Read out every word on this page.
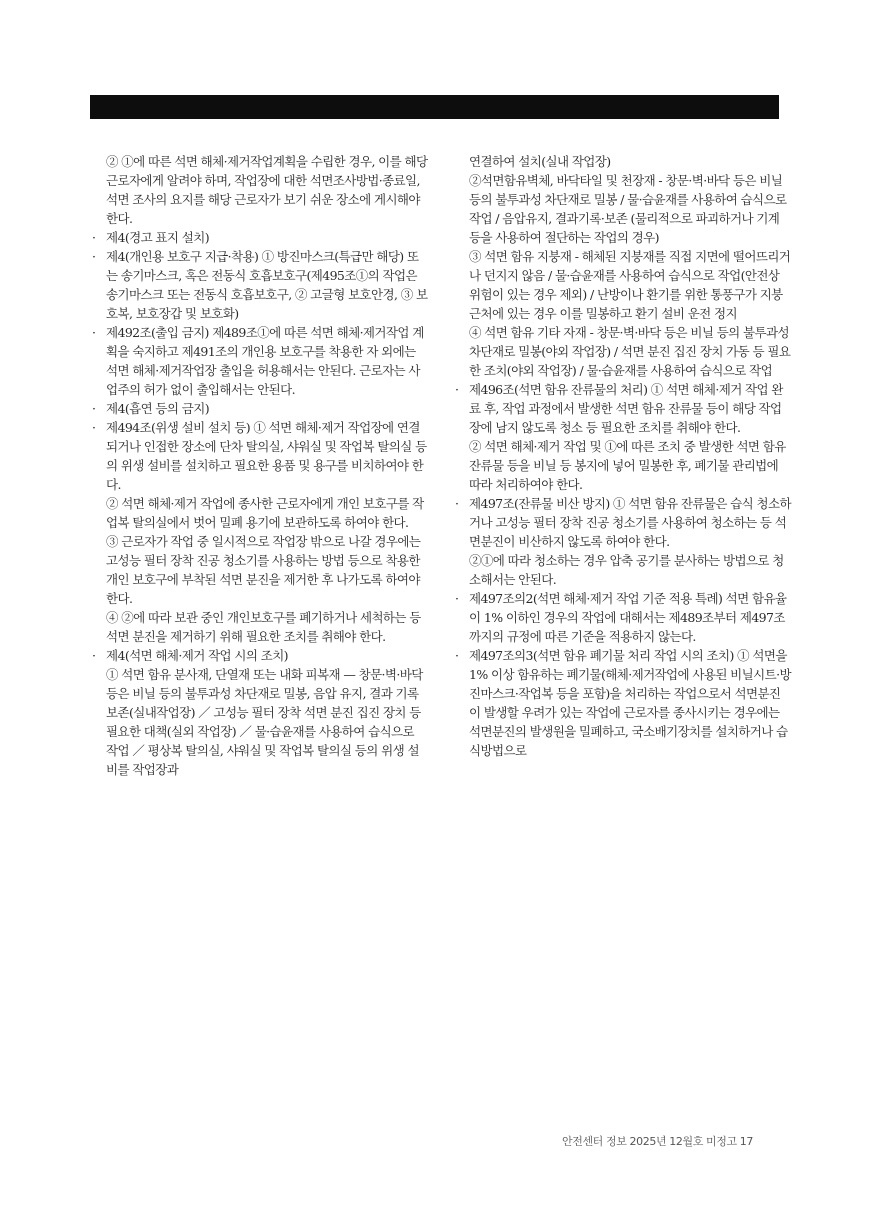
② ①에 따른 석면 해체·제거작업계획을 수립한 경우, 이를 해당근로자에게 알려야 하며, 작업장에 대한 석면조사방법·종료일, 석면 조사의 요지를 해당 근로자가 보기 쉬운 장소에 게시해야 한다.

· 제4(경고 표지 설치)

· 제4(개인용 보호구 지급·착용) ① 방진마스크(특급만 해당) 또는 송기마스크, 혹은 전동식 호흡보호구(제495조①의 작업은 송기마스크 또는 전동식 호흡보호구, ② 고글형 보호안경, ③ 보호복, 보호장갑 및 보호화)

· 제492조(출입 금지) 제489조①에 따른 석면 해체·제거작업 계획을 숙지하고 제491조의 개인용 보호구를 착용한 자 외에는 석면 해체·제거작업장 출입을 허용해서는 안된다. 근로자는 사업주의 허가 없이 출입해서는 안된다.

· 제4(흡연 등의 금지)

· 제494조(위생 설비 설치 등) ① 석면 해체·제거 작업장에 연결되거나 인접한 장소에 단차 탈의실, 샤워실 및 작업복 탈의실 등의 위생 설비를 설치하고 필요한 용품 및 용구를 비치하여야 한다.

② 석면 해체·제거 작업에 종사한 근로자에게 개인 보호구를 작업복 탈의실에서 벗어 밀폐 용기에 보관하도록 하여야 한다.

③ 근로자가 작업 중 일시적으로 작업장 밖으로 나갈 경우에는 고성능 필터 장착 진공 청소기를 사용하는 방법 등으로 착용한 개인 보호구에 부착된 석면 분진을 제거한 후 나가도록 하여야 한다.

④ ②에 따라 보관 중인 개인보호구를 폐기하거나 세척하는 등 석면 분진을 제거하기 위해 필요한 조치를 취해야 한다.

· 제4(석면 해체·제거 작업 시의 조치)

① 석면 함유 분사재, 단열재 또는 내화 피복재 — 창문·벽·바닥 등은 비닐 등의 불투과성 차단재로 밀봉, 음압 유지, 결과 기록보존(실내작업장) ／ 고성능 필터 장착 석면 분진 집진 장치 등 필요한 대책(실외 작업장) ／ 물·습윤재를 사용하여 습식으로 작업 ／ 평상복 탈의실, 샤워실 및 작업복 탈의실 등의 위생 설비를 작업장과

연결하여 설치(실내 작업장)

②석면함유벽체, 바닥타일 및 천장재 - 창문·벽·바닥 등은 비닐 등의 불투과성 차단재로 밀봉 / 물·습윤재를 사용하여 습식으로 작업 / 음압유지, 결과기록·보존 (물리적으로 파괴하거나 기계 등을 사용하여 절단하는 작업의 경우)

③ 석면 함유 지붕재 - 해체된 지붕재를 직접 지면에 떨어뜨리거나 던지지 않음 / 물·습윤재를 사용하여 습식으로 작업(안전상 위험이 있는 경우 제외) / 난방이나 환기를 위한 통풍구가 지붕 근처에 있는 경우 이를 밀봉하고 환기 설비 운전 정지

④ 석면 함유 기타 자재 - 창문·벽·바닥 등은 비닐 등의 불투과성 차단재로 밀봉(야외 작업장) / 석면 분진 집진 장치 가동 등 필요한 조치(야외 작업장) / 물·습윤재를 사용하여 습식으로 작업

· 제496조(석면 함유 잔류물의 처리) ① 석면 해체·제거 작업 완료 후, 작업 과정에서 발생한 석면 함유 잔류물 등이 해당 작업장에 남지 않도록 청소 등 필요한 조치를 취해야 한다.

② 석면 해체·제거 작업 및 ①에 따른 조치 중 발생한 석면 함유 잔류물 등을 비닐 등 봉지에 넣어 밀봉한 후, 폐기물 관리법에 따라 처리하여야 한다.

· 제497조(잔류물 비산 방지) ① 석면 함유 잔류물은 습식 청소하거나 고성능 필터 장착 진공 청소기를 사용하여 청소하는 등 석면분진이 비산하지 않도록 하여야 한다.

②①에 따라 청소하는 경우 압축 공기를 분사하는 방법으로 청소해서는 안된다.

· 제497조의2(석면 해체·제거 작업 기준 적용 특례) 석면 함유율이 1% 이하인 경우의 작업에 대해서는 제489조부터 제497조까지의 규정에 따른 기준을 적용하지 않는다.

· 제497조의3(석면 함유 폐기물 처리 작업 시의 조치) ① 석면을 1% 이상 함유하는 폐기물(해체·제거작업에 사용된 비닐시트·방진마스크·작업복 등을 포함)을 처리하는 작업으로서 석면분진이 발생할 우려가 있는 작업에 근로자를 종사시키는 경우에는 석면분진의 발생원을 밀폐하고, 국소배기장치를 설치하거나 습식방법으로

안전센터 정보 2025년 12월호 미정고 17
